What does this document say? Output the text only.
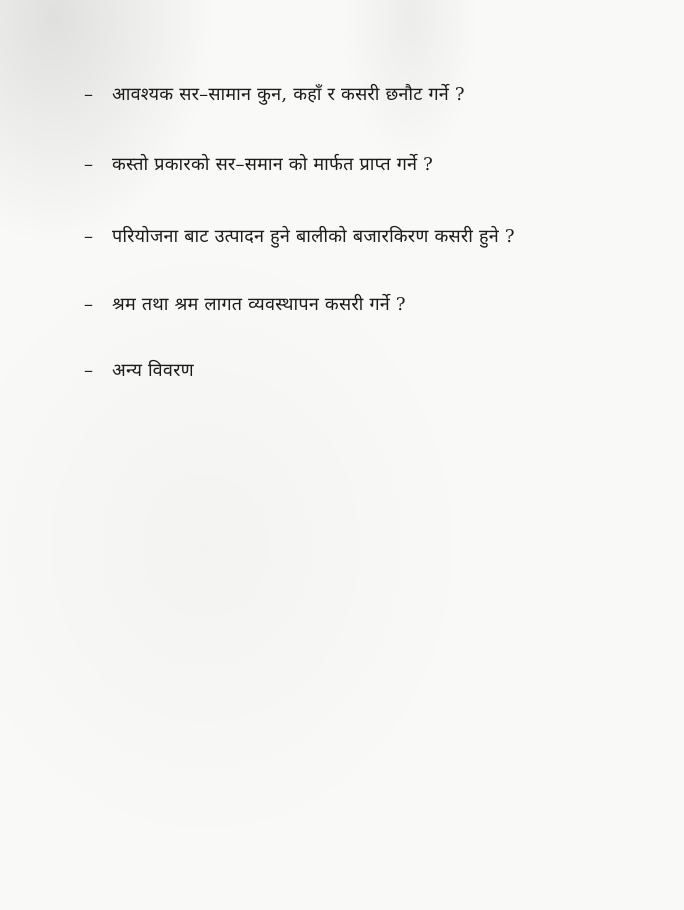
–	आवश्यक सर–सामान कुन, कहाँ र कसरी छनौट गर्ने ?
–	कस्तो प्रकारको सर–समान को मार्फत प्राप्त गर्ने ?
–	परियोजना बाट उत्पादन हुने बालीको बजारकिरण कसरी हुने ?
–	श्रम तथा श्रम लागत व्यवस्थापन कसरी गर्ने ?
–	अन्य विवरण
